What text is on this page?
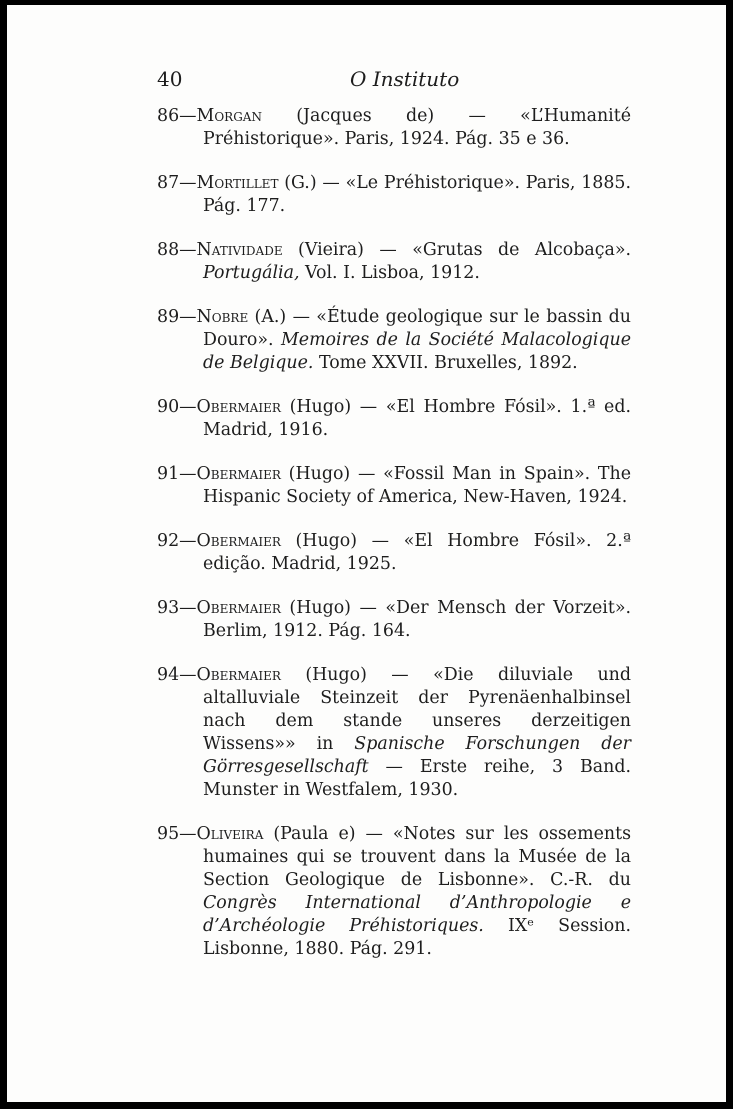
40	O Instituto

86—Morgan (Jacques de) — «L’Humanité Préhistorique». Paris, 1924. Pág. 35 e 36.

87—Mortillet (G.) — «Le Préhistorique». Paris, 1885. Pág. 177.

88—Natividade (Vieira) — «Grutas de Alcobaça». Portugália, Vol. I. Lisboa, 1912.

89—Nobre (A.) — «Étude geologique sur le bassin du Douro». Memoires de la Société Malacologique de Belgique. Tome XXVII. Bruxelles, 1892.

90—Obermaier (Hugo) — «El Hombre Fósil». 1.ª ed. Madrid, 1916.

91—Obermaier (Hugo) — «Fossil Man in Spain». The Hispanic Society of America, New-Haven, 1924.

92—Obermaier (Hugo) — «El Hombre Fósil». 2.ª edição. Madrid, 1925.

93—Obermaier (Hugo) — «Der Mensch der Vorzeit». Berlim, 1912. Pág. 164.

94—Obermaier (Hugo) — «Die diluviale und altalluviale Steinzeit der Pyrenäenhalbinsel nach dem stande unseres derzeitigen Wissens»» in Spanische Forschungen der Görresgesellschaft — Erste reihe, 3 Band. Munster in Westfalem, 1930.

95—Oliveira (Paula e) — «Notes sur les ossements humaines qui se trouvent dans la Musée de la Section Geologique de Lisbonne». C.-R. du Congrès International d’Anthropologie e d’Archéologie Préhistoriques. IXᵉ Session. Lisbonne, 1880. Pág. 291.
